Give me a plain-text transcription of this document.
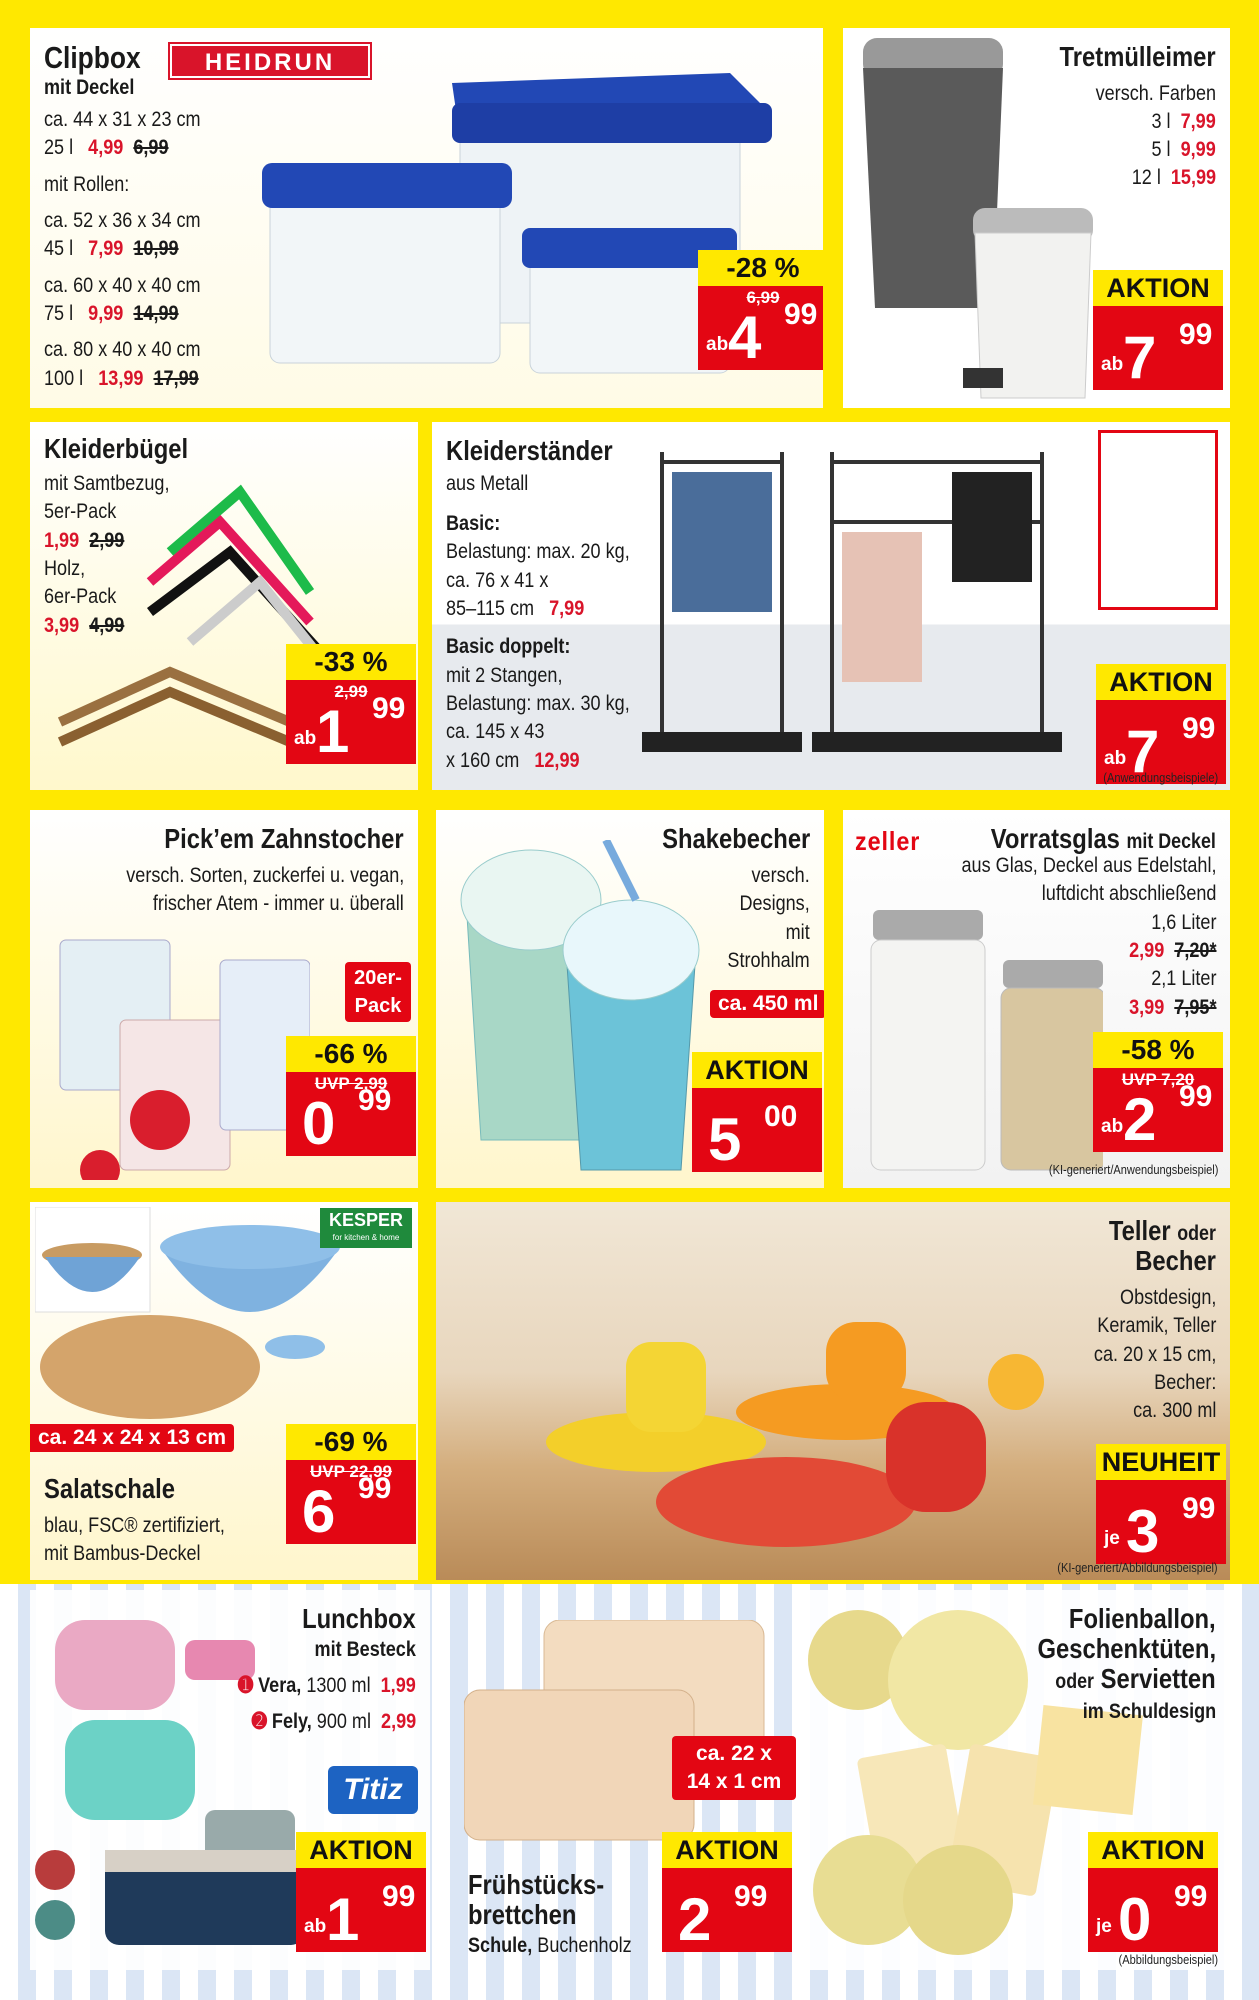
Clipbox
mit Deckel
HEIDRUN
ca. 44 x 31 x 23 cm
25 l 4,99 6,99
mit Rollen:
ca. 52 x 36 x 34 cm
45 l 7,99 10,99
ca. 60 x 40 x 40 cm
75 l 9,99 14,99
ca. 80 x 40 x 40 cm
100 l 13,99 17,99
-28 %
6,99
ab 4 99
Tretmülleimer
versch. Farben
3 l 7,99
5 l 9,99
12 l 15,99
AKTION
ab 7 99
Kleiderbügel
mit Samtbezug,
5er-Pack
1,99 2,99
Holz,
6er-Pack
3,99 4,99
-33 %
2,99
ab 1 99
Kleiderständer
aus Metall
Basic:
Belastung: max. 20 kg,
ca. 76 x 41 x
85–115 cm 7,99
Basic doppelt:
mit 2 Stangen,
Belastung: max. 30 kg,
ca. 145 x 43
x 160 cm 12,99
AKTION
ab 7 99
(Anwendungsbeispiele)
Pick’em Zahnstocher
versch. Sorten, zuckerfei u. vegan,
frischer Atem - immer u. überall
20er-
Pack
-66 %
UVP 2,99
0 99
Shakebecher
versch.
Designs,
mit
Strohhalm
ca. 450 ml
AKTION
5 00
zeller	Vorratsglas mit Deckel
aus Glas, Deckel aus Edelstahl,
luftdicht abschließend
1,6 Liter
2,99 7,20*
2,1 Liter
3,99 7,95*
-58 %
UVP 7,20
ab 2 99
(KI-generiert/Anwendungsbeispiel)
KESPER
for kitchen & home
ca. 24 x 24 x 13 cm
Salatschale
blau, FSC® zertifiziert,
mit Bambus-Deckel
-69 %
UVP 22,99
6 99
Teller oder
Becher
Obstdesign,
Keramik, Teller
ca. 20 x 15 cm,
Becher:
ca. 300 ml
NEUHEIT
je 3 99
(KI-generiert/Abbildungsbeispiel)
Lunchbox
mit Besteck
➊ Vera, 1300 ml 1,99
➋ Fely, 900 ml 2,99
Titiz
AKTION
ab 1 99
ca. 22 x
14 x 1 cm
Frühstücks-
brettchen
Schule, Buchenholz
AKTION
2 99
Folienballon,
Geschenktüten,
oder Servietten
im Schuldesign
AKTION
je 0 99
(Abbildungsbeispiel)
